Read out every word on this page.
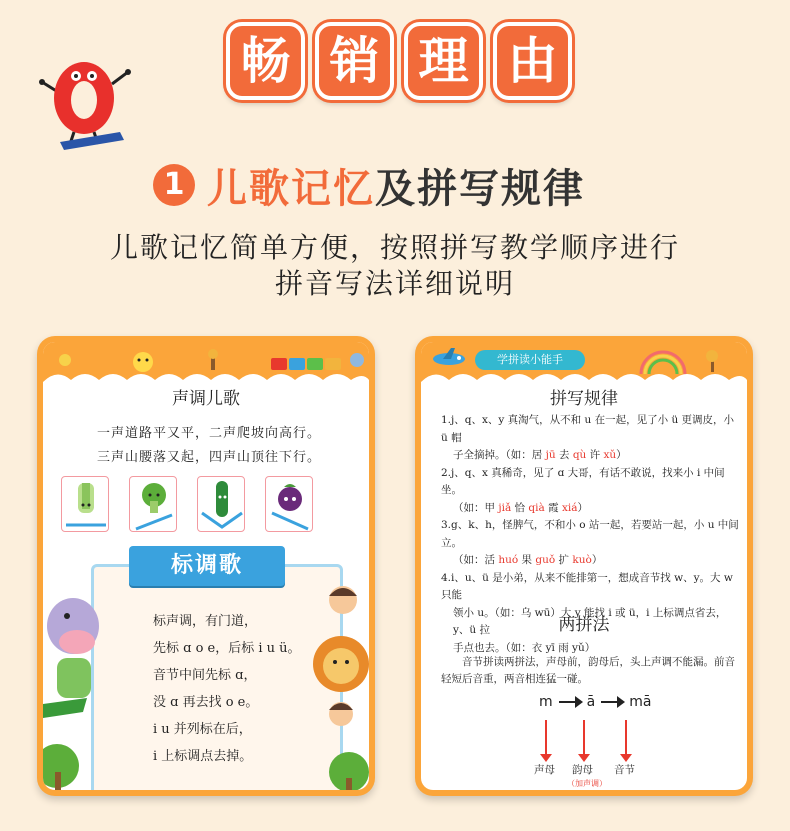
畅 销 理 由
1 儿歌记忆 及拼写规律
儿歌记忆简单方便，按照拼写教学顺序进行
拼音写法详细说明
声调儿歌
一声道路平又平，二声爬坡向高行。
三声山腰落又起，四声山顶往下行。
标调歌
标声调，有门道，
先标 ɑ o e，后标 i u ü。
音节中间先标 ɑ，
没 ɑ 再去找 o e。
i u 并列标在后，
i 上标调点去掉。
学拼读小能手
拼写规律
1.j、q、x、y 真淘气，从不和 u 在一起，见了小 ü 更调皮，小 ü 帽
子全摘掉。（如：居 jū 去 qù 许 xǔ）
2.j、q、x 真稀奇，见了 ɑ 大哥，有话不敢说，找来小 i 中间坐。
（如：甲 jiǎ 恰 qià 霞 xiá）
3.g、k、h，怪脾气，不和小 o 站一起，若要站一起，小 u 中间立。
（如：活 huó 果 guǒ 扩 kuò）
4.i、u、ü 是小弟，从来不能排第一，想成音节找 w、y。大 w 只能
领小 u。（如：乌 wū）大 y 能找 i 或 ü，i 上标调点省去，y、ü 拉
手点也去。（如：衣 yī 雨 yǔ）
两拼法
音节拼读两拼法，声母前，韵母后，头上声调不能漏。前音轻短后音重，两音相连猛一碰。
m ā mā
声母 韵母 音节
（加声调）
